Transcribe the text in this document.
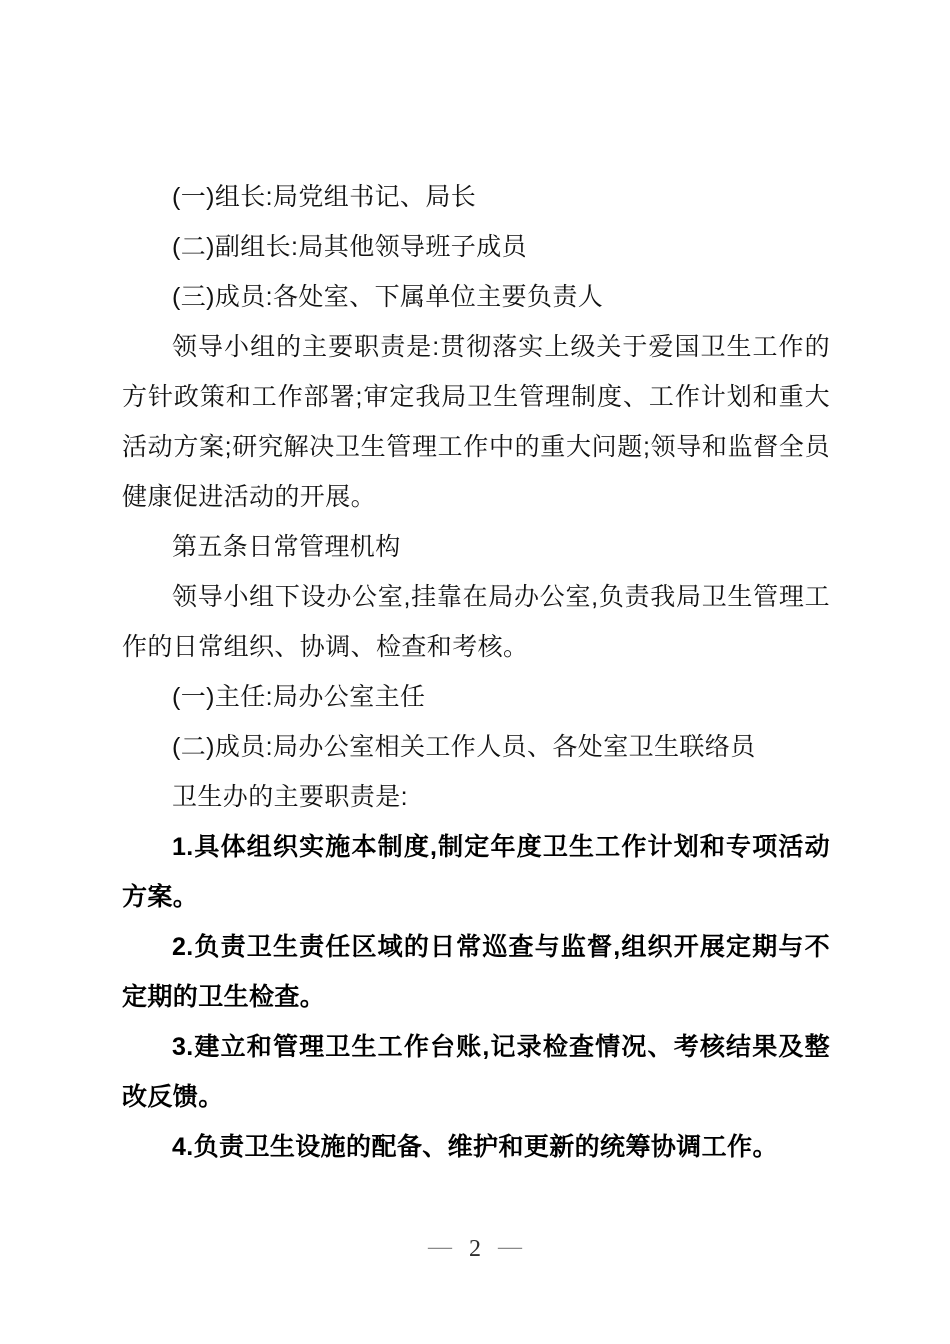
(一)组长:局党组书记、局长

(二)副组长:局其他领导班子成员

(三)成员:各处室、下属单位主要负责人

领导小组的主要职责是:贯彻落实上级关于爱国卫生工作的方针政策和工作部署;审定我局卫生管理制度、工作计划和重大活动方案;研究解决卫生管理工作中的重大问题;领导和监督全员健康促进活动的开展。

第五条日常管理机构

领导小组下设办公室,挂靠在局办公室,负责我局卫生管理工作的日常组织、协调、检查和考核。

(一)主任:局办公室主任

(二)成员:局办公室相关工作人员、各处室卫生联络员

卫生办的主要职责是:

1.具体组织实施本制度,制定年度卫生工作计划和专项活动方案。

2.负责卫生责任区域的日常巡查与监督,组织开展定期与不定期的卫生检查。

3.建立和管理卫生工作台账,记录检查情况、考核结果及整改反馈。

4.负责卫生设施的配备、维护和更新的统筹协调工作。

— 2 —
